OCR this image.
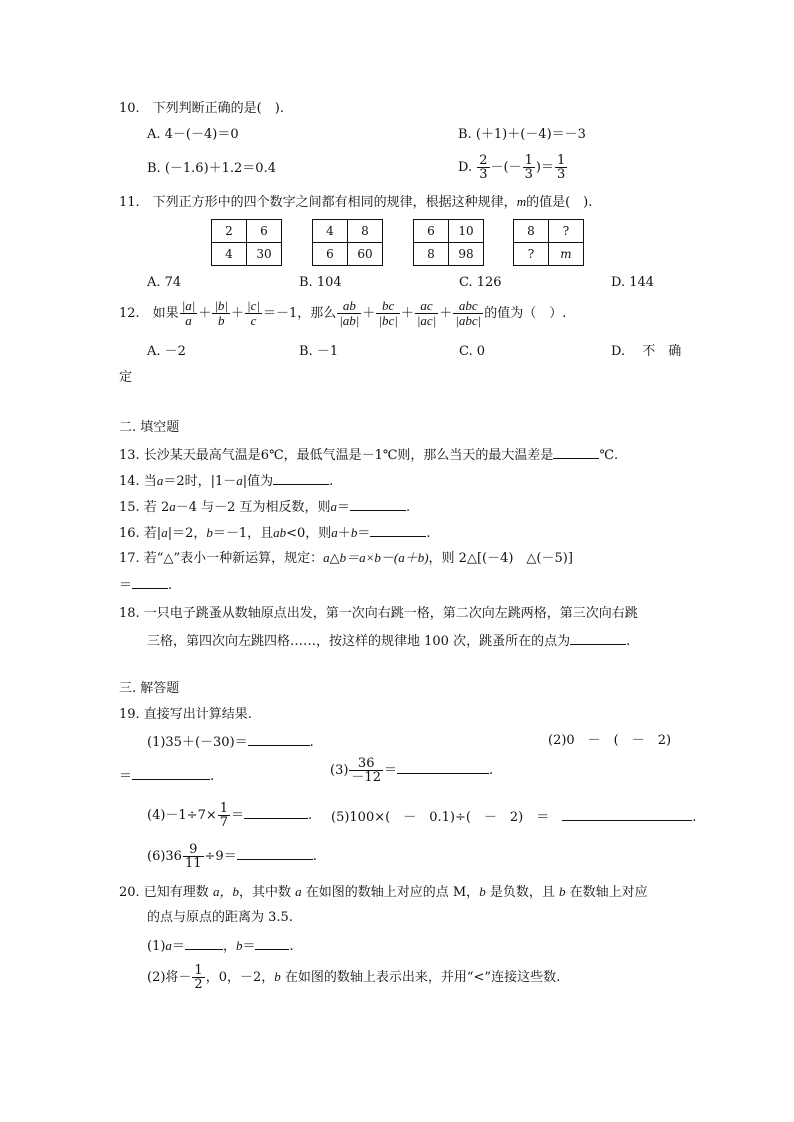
10.　下列判断正确的是(　).
A. 4－(－4)＝0	B. (＋1)＋(－4)＝－3
B. (－1.6)＋1.2＝0.4	D. $\frac{2}{3}$ －(－ $\frac{1}{3}$ )＝ $\frac{1}{3}$
11.　下列正方形中的四个数字之间都有相同的规律，根据这种规律，m的值是(　).
2	6
4	30
4	8
6	60
6	10
8	98
8	?
?	m
A. 74	B. 104	C. 126	D. 144
12.　如果 $\frac{|a|}{a} + \frac{|b|}{b} + \frac{|c|}{c} =-1$，那么 $\frac{ab}{|ab|} + \frac{bc}{|bc|} + \frac{ac}{|ac|} + \frac{\text{abc}}{\text{|abc|}}$ 的值为（　）.
A. －2	B. －1	C. 0	D. 　不　确
定
二. 填空题
13. 长沙某天最高气温是6℃，最低气温是－1℃则，那么当天的最大温差是	℃.
14. 当a＝2时，|1－a|值为	.
15. 若 2a－4 与－2 互为相反数，则a＝	.
16. 若|a|＝2，b＝－1，且ab<0，则a＋b＝	.
17. 若“△”表小一种新运算，规定：a△b＝a×b－(a＋b)，则 2△[(－4)　△(－5)]
＝	.
18. 一只电子跳蚤从数轴原点出发，第一次向右跳一格，第二次向左跳两格，第三次向右跳
三格，第四次向左跳四格……，按这样的规律地 100 次，跳蚤所在的点为	.
三. 解答题
19. 直接写出计算结果.
(1)35＋(－30)＝	.	(2)0　－　(　－　2)
＝	.	$(3) \frac{36}{-12}$ ＝	.
$(4)-1\div 7\times \frac{1}{7}$ ＝	. (5)100×(　－　0.1)÷(　－　2)　＝　	.
$(6)36 \frac{9}{11} \div 9=$	.
20. 已知有理数 a，b，其中数 a 在如图的数轴上对应的点 M，b 是负数，且 b 在数轴上对应
的点与原点的距离为 3.5.
(1)a＝	，b＝	.
(2)将－ $\frac{1}{2}$ ，0，－2，b 在如图的数轴上表示出来，并用“<”连接这些数.
